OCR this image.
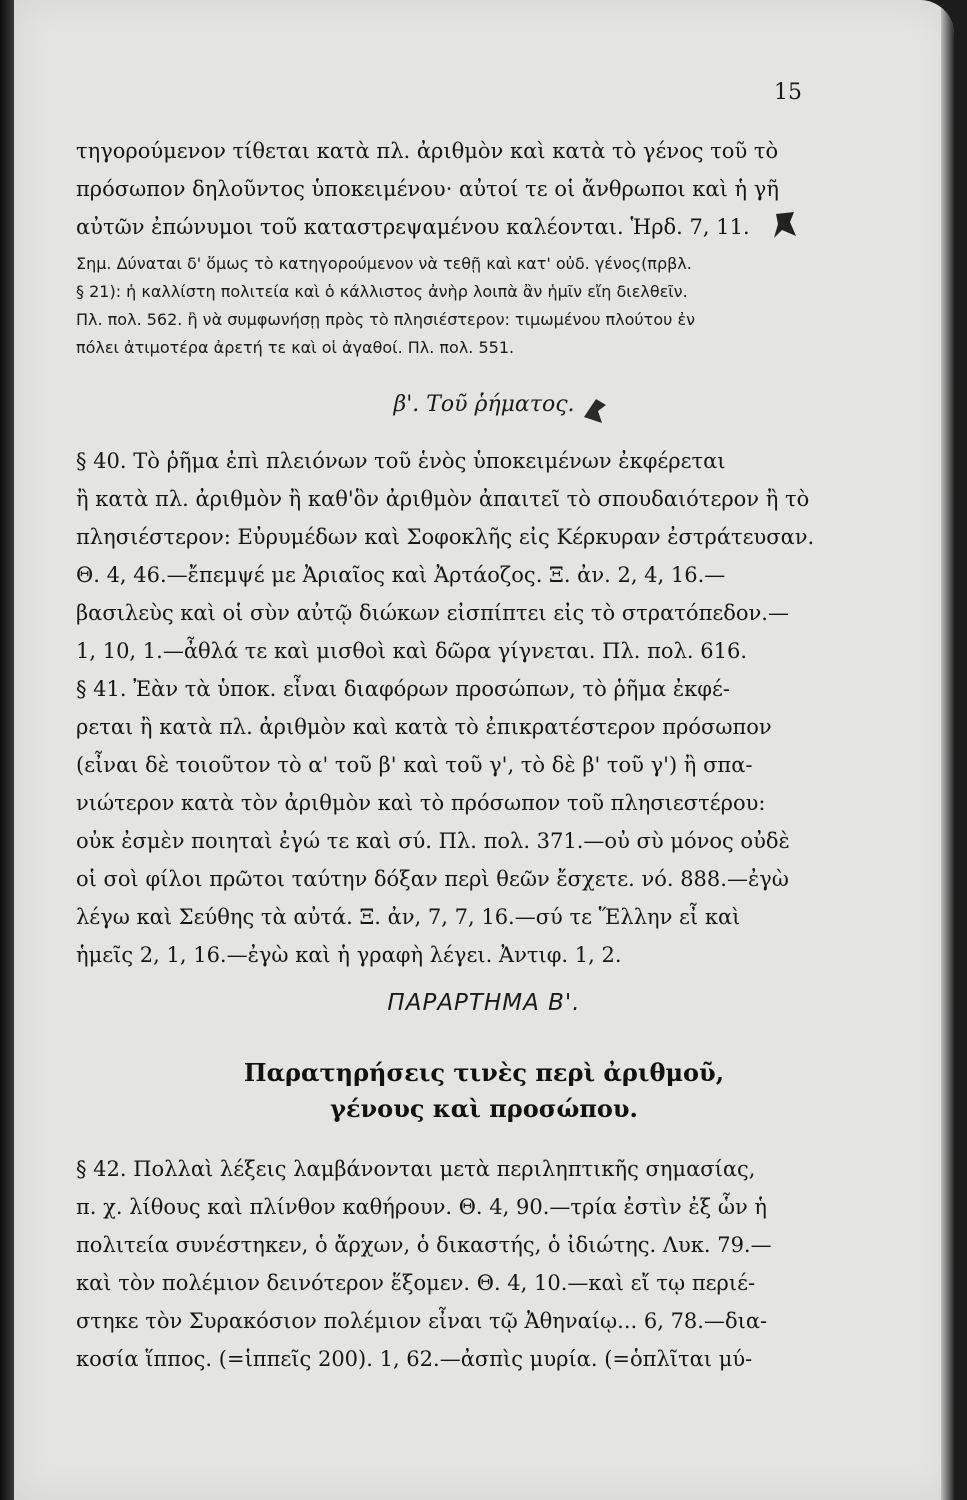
15

τηγορούμενον τίθεται κατὰ πλ. ἀριθμὸν καὶ κατὰ τὸ γένος τοῦ τὸ

πρόσωπον δηλοῦντος ὑποκειμένου· αὐτοί τε οἱ ἄνθρωποι καὶ ἡ γῆ

αὐτῶν ἐπώνυμοι τοῦ καταστρεψαμένου καλέονται. Ἡρδ. 7, 11.

Σημ. Δύναται δ' ὅμως τὸ κατηγορούμενον νὰ τεθῇ καὶ κατ' οὐδ. γένος(πρβλ.

§ 21): ἡ καλλίστη πολιτεία καὶ ὁ κάλλιστος ἀνὴρ λοιπὰ ἂν ἡμῖν εἴη διελθεῖν.

Πλ. πολ. 562. ἢ νὰ συμφωνήσῃ πρὸς τὸ πλησιέστερον: τιμωμένου πλούτου ἐν

πόλει ἀτιμοτέρα ἀρετή τε καὶ οἱ ἀγαθοί. Πλ. πολ. 551.

β'. Τοῦ ῥήματος.

§ 40. Τὸ ῥῆμα ἐπὶ πλειόνων τοῦ ἑνὸς ὑποκειμένων ἐκφέρεται

ἢ κατὰ πλ. ἀριθμὸν ἢ καθ'ὃν ἀριθμὸν ἀπαιτεῖ τὸ σπουδαιότερον ἢ τὸ

πλησιέστερον: Εὐρυμέδων καὶ Σοφοκλῆς εἰς Κέρκυραν ἐστράτευσαν.

Θ. 4, 46.—ἔπεμψέ με Ἀριαῖος καὶ Ἀρτάοζος. Ξ. ἀν. 2, 4, 16.—

βασιλεὺς καὶ οἱ σὺν αὐτῷ διώκων εἰσπίπτει εἰς τὸ στρατόπεδον.—

1, 10, 1.—ἆθλά τε καὶ μισθοὶ καὶ δῶρα γίγνεται. Πλ. πολ. 616.

§ 41. Ἐὰν τὰ ὑποκ. εἶναι διαφόρων προσώπων, τὸ ῥῆμα ἐκφέ-

ρεται ἢ κατὰ πλ. ἀριθμὸν καὶ κατὰ τὸ ἐπικρατέστερον πρόσωπον

(εἶναι δὲ τοιοῦτον τὸ α' τοῦ β' καὶ τοῦ γ', τὸ δὲ β' τοῦ γ') ἢ σπα-

νιώτερον κατὰ τὸν ἀριθμὸν καὶ τὸ πρόσωπον τοῦ πλησιεστέρου:

οὐκ ἐσμὲν ποιηταὶ ἐγώ τε καὶ σύ. Πλ. πολ. 371.—οὐ σὺ μόνος οὐδὲ

οἱ σοὶ φίλοι πρῶτοι ταύτην δόξαν περὶ θεῶν ἔσχετε. νό. 888.—ἐγὼ

λέγω καὶ Σεύθης τὰ αὐτά. Ξ. ἀν, 7, 7, 16.—σύ τε Ἕλλην εἶ καὶ

ἡμεῖς 2, 1, 16.—ἐγὼ καὶ ἡ γραφὴ λέγει. Ἀντιφ. 1, 2.

ΠΑΡΑΡΤΗΜΑ Β'.
Παρατηρήσεις τινὲς περὶ ἀριθμοῦ,
γένους καὶ προσώπου.

§ 42. Πολλαὶ λέξεις λαμβάνονται μετὰ περιληπτικῆς σημασίας,

π. χ. λίθους καὶ πλίνθον καθήρουν. Θ. 4, 90.—τρία ἐστὶν ἐξ ὧν ἡ

πολιτεία συνέστηκεν, ὁ ἄρχων, ὁ δικαστής, ὁ ἰδιώτης. Λυκ. 79.—

καὶ τὸν πολέμιον δεινότερον ἕξομεν. Θ. 4, 10.—καὶ εἴ τῳ περιέ-

στηκε τὸν Συρακόσιον πολέμιον εἶναι τῷ Ἀθηναίῳ... 6, 78.—δια-

κοσία ἵππος. (=ἱππεῖς 200). 1, 62.—ἀσπὶς μυρία. (=ὁπλῖται μύ-
